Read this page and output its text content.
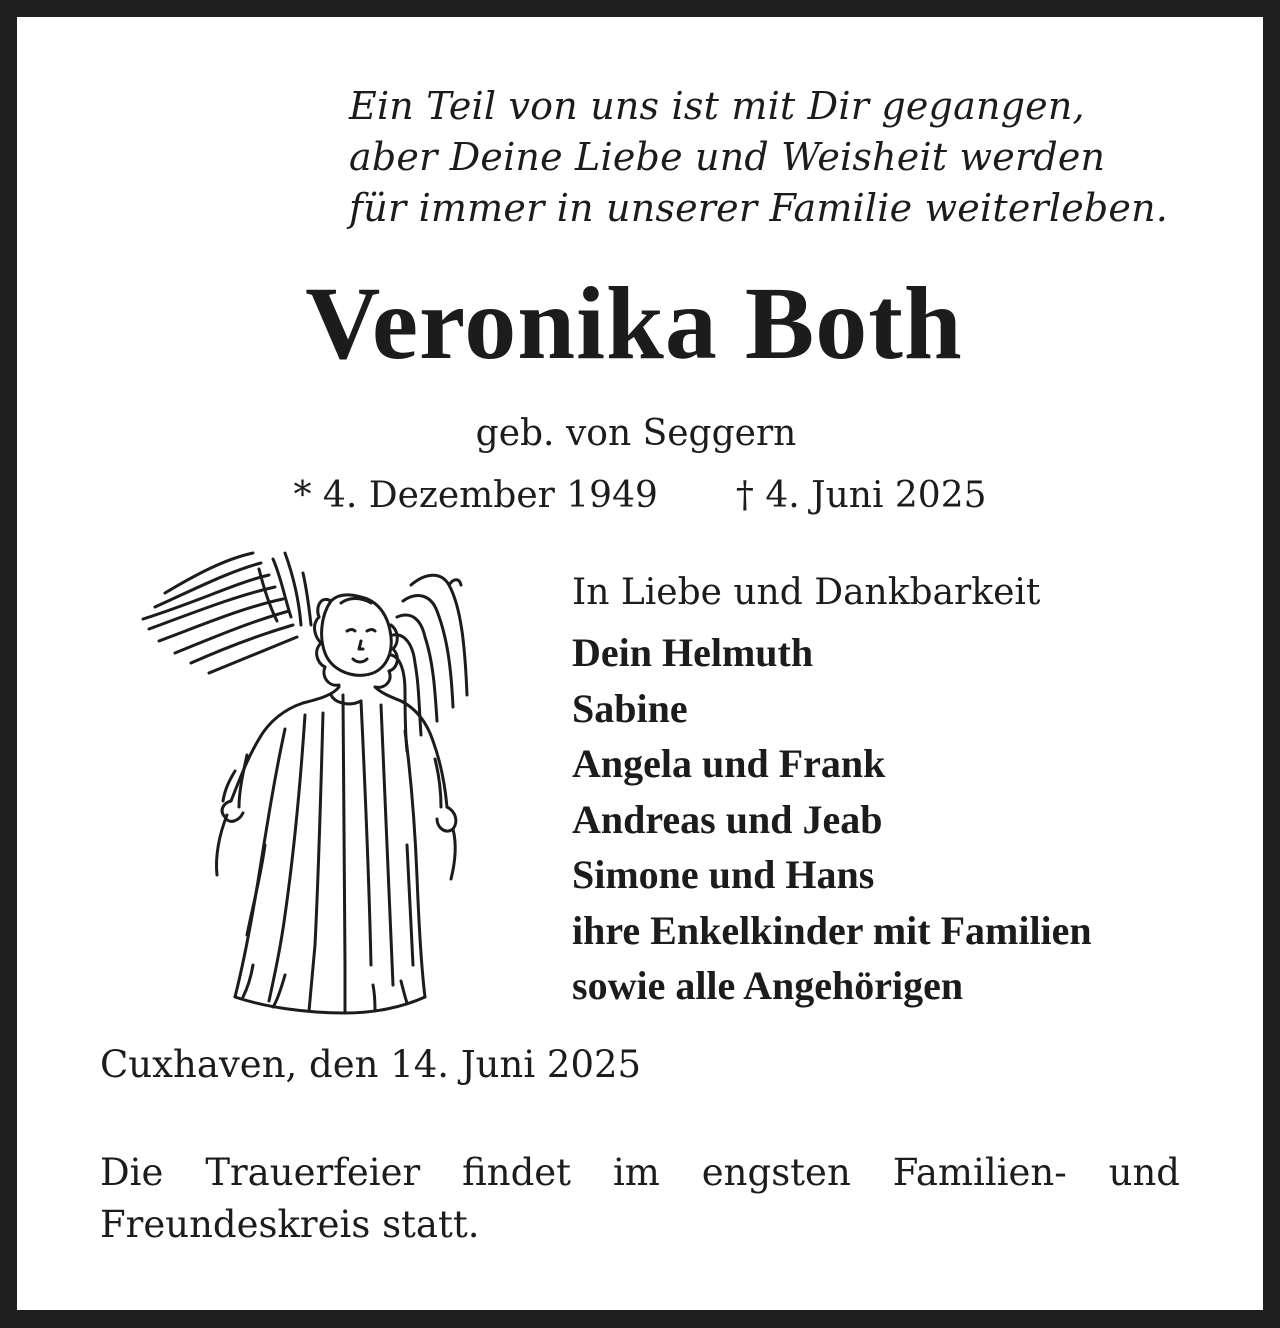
Ein Teil von uns ist mit Dir gegangen,
aber Deine Liebe und Weisheit werden
für immer in unserer Familie weiterleben.
Veronika Both
geb. von Seggern
* 4. Dezember 1949 † 4. Juni 2025
In Liebe und Dankbarkeit
Dein Helmuth
Sabine
Angela und Frank
Andreas und Jeab
Simone und Hans
ihre Enkelkinder mit Familien
sowie alle Angehörigen
Cuxhaven, den 14. Juni 2025
Die Trauerfeier findet im engsten Familien- und Freundeskreis statt.
